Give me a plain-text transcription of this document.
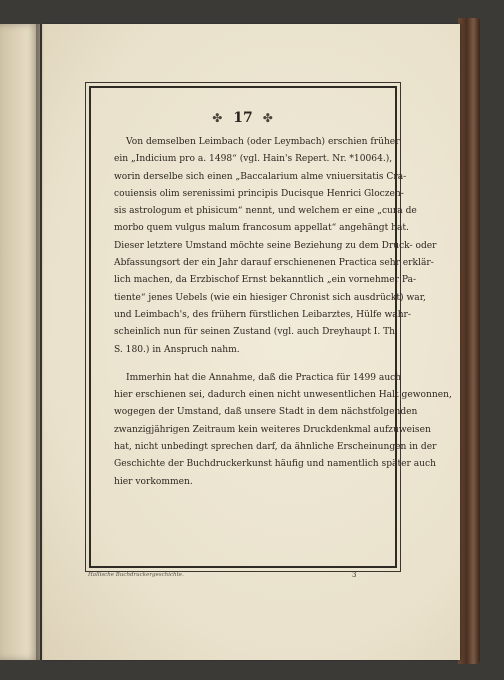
✤ 17 ✤
Von demselben Leimbach (oder Leymbach) erschien früher
ein „Indicium pro a. 1498“ (vgl. Hain's Repert. Nr. *10064.),
worin derselbe sich einen „Baccalarium alme vniuersitatis Cra-
couiensis olim serenissimi principis Ducisque Henrici Gloczen-
sis astrologum et phisicum“ nennt, und welchem er eine „cura de
morbo quem vulgus malum francosum appellat“ angehängt hat.
Dieser letztere Umstand möchte seine Beziehung zu dem Druck- oder
Abfassungsort der ein Jahr darauf erschienenen Practica sehr erklär-
lich machen, da Erzbischof Ernst bekanntlich „ein vornehmer Pa-
tiente“ jenes Uebels (wie ein hiesiger Chronist sich ausdrückt) war,
und Leimbach's, des frühern fürstlichen Leibarztes, Hülfe wahr-
scheinlich nun für seinen Zustand (vgl. auch Dreyhaupt I. Th.
S. 180.) in Anspruch nahm.
Immerhin hat die Annahme, daß die Practica für 1499 auch
hier erschienen sei, dadurch einen nicht unwesentlichen Halt gewonnen,
wogegen der Umstand, daß unsere Stadt in dem nächstfolgenden
zwanzigjährigen Zeitraum kein weiteres Druckdenkmal aufzuweisen
hat, nicht unbedingt sprechen darf, da ähnliche Erscheinungen in der
Geschichte der Buchdruckerkunst häufig und namentlich später auch
hier vorkommen.
Hallische Buchdruckergeschichte.	3
